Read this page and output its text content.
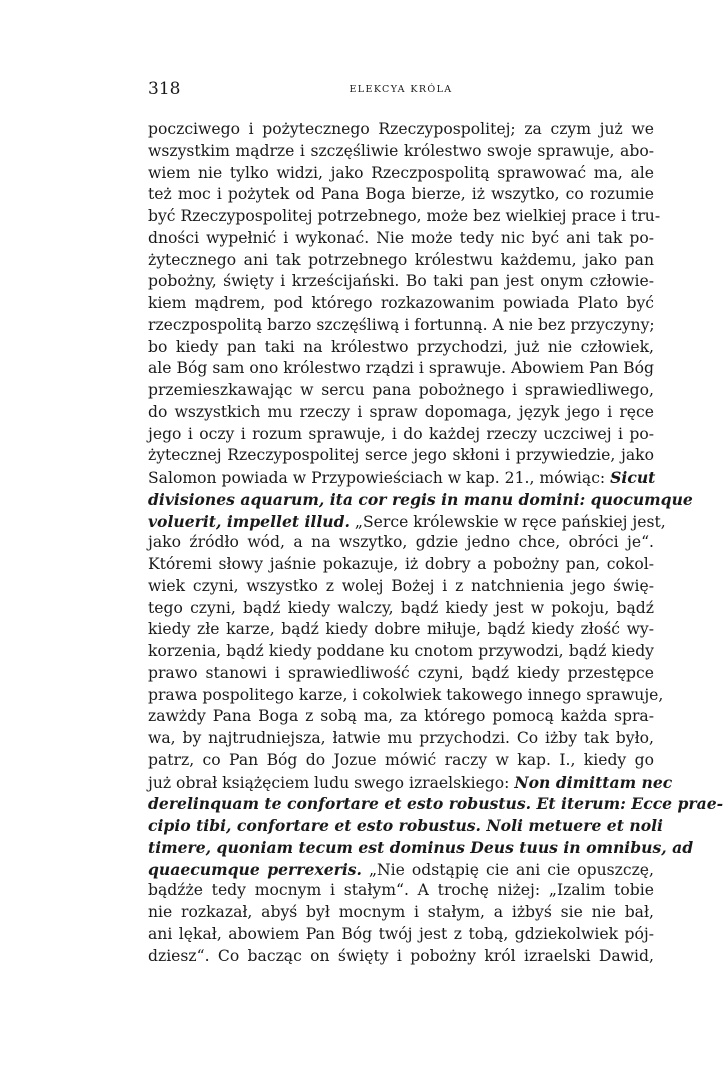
318	ELEKCYA KRÓLA
poczciwego i pożytecznego Rzeczypospolitej; za czym już we
wszystkim mądrze i szczęśliwie królestwo swoje sprawuje, abo-
wiem nie tylko widzi, jako Rzeczpospolitą sprawować ma, ale
też moc i pożytek od Pana Boga bierze, iż wszytko, co rozumie
być Rzeczypospolitej potrzebnego, może bez wielkiej prace i tru-
dności wypełnić i wykonać. Nie może tedy nic być ani tak po-
żytecznego ani tak potrzebnego królestwu każdemu, jako pan
pobożny, święty i krześcijański. Bo taki pan jest onym człowie-
kiem mądrem, pod którego rozkazowanim powiada Plato być
rzeczpospolitą barzo szczęśliwą i fortunną. A nie bez przyczyny;
bo kiedy pan taki na królestwo przychodzi, już nie człowiek,
ale Bóg sam ono królestwo rządzi i sprawuje. Abowiem Pan Bóg
przemieszkawając w sercu pana pobożnego i sprawiedliwego,
do wszystkich mu rzeczy i spraw dopomaga, język jego i ręce
jego i oczy i rozum sprawuje, i do każdej rzeczy uczciwej i po-
żytecznej Rzeczypospolitej serce jego skłoni i przywiedzie, jako
Salomon powiada w Przypowieściach w kap. 21., mówiąc: Sicut
divisiones aquarum, ita cor regis in manu domini: quocumque
voluerit, impellet illud. „Serce królewskie w ręce pańskiej jest,
jako źródło wód, a na wszytko, gdzie jedno chce, obróci je“.
Któremi słowy jaśnie pokazuje, iż dobry a pobożny pan, cokol-
wiek czyni, wszystko z wolej Bożej i z natchnienia jego świę-
tego czyni, bądź kiedy walczy, bądź kiedy jest w pokoju, bądź
kiedy złe karze, bądź kiedy dobre miłuje, bądź kiedy złość wy-
korzenia, bądź kiedy poddane ku cnotom przywodzi, bądź kiedy
prawo stanowi i sprawiedliwość czyni, bądź kiedy przestępce
prawa pospolitego karze, i cokolwiek takowego innego sprawuje,
zawżdy Pana Boga z sobą ma, za którego pomocą każda spra-
wa, by najtrudniejsza, łatwie mu przychodzi. Co iżby tak było,
patrz, co Pan Bóg do Jozue mówić raczy w kap. I., kiedy go
już obrał książęciem ludu swego izraelskiego: Non dimittam nec
derelinquam te confortare et esto robustus. Et iterum: Ecce prae-
cipio tibi, confortare et esto robustus. Noli metuere et noli
timere, quoniam tecum est dominus Deus tuus in omnibus, ad
quaecumque perrexeris. „Nie odstąpię cie ani cie opuszczę,
bądźże tedy mocnym i stałym“. A trochę niżej: „Izalim tobie
nie rozkazał, abyś był mocnym i stałym, a iżbyś sie nie bał,
ani lękał, abowiem Pan Bóg twój jest z tobą, gdziekolwiek pój-
dziesz“. Co bacząc on święty i pobożny król izraelski Dawid,
